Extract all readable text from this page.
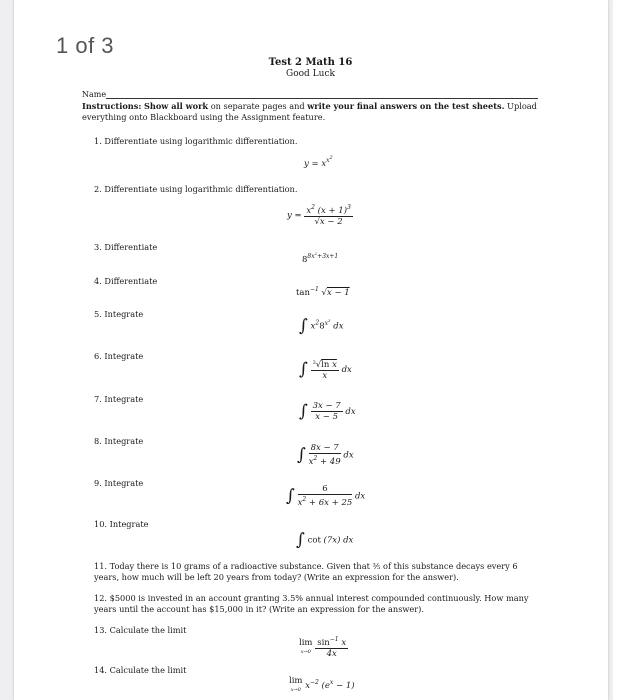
1 of 3
Test 2 Math 16
Good Luck
Name
Instructions: Show all work on separate pages and write your final answers on the test sheets. Upload everything onto Blackboard using the Assignment feature.
1. Differentiate using logarithmic differentiation.
$y = x^{x^2}$
2. Differentiate using logarithmic differentiation.
$y = \frac{x^2 (x + 1)^3}{√x - 2}$
3. Differentiate
$8^{8x^2+3x+1}$
4. Differentiate
$\tan^{-1} √x - 1$
5. Integrate
∫ $x^28^{x^3}$ dx
6. Integrate
∫ $\frac{^3√\ln x}{x}$ dx
7. Integrate
∫ $\frac{3x - 7}{x - 5}$ dx
8. Integrate
∫ $\frac{8x - 7}{x^2 + 49}$ dx
9. Integrate
∫ $\frac{6}{x^2 + 6x + 25}$ dx
10. Integrate
∫ cot (7x) dx
11. Today there is 10 grams of a radioactive substance. Given that ⅗ of this substance decays every 6 years, how much will be left 20 years from today? (Write an expression for the answer).
12. $5000 is invested in an account granting 3.5% annual interest compounded continuously. How many years until the account has $15,000 in it? (Write an expression for the answer).
13. Calculate the limit
lim
$x\to 0 \frac{\sin^{-1} x}{4x}$
14. Calculate the limit
lim
x→0 $x^{-2}$ $(e^x - 1)$
